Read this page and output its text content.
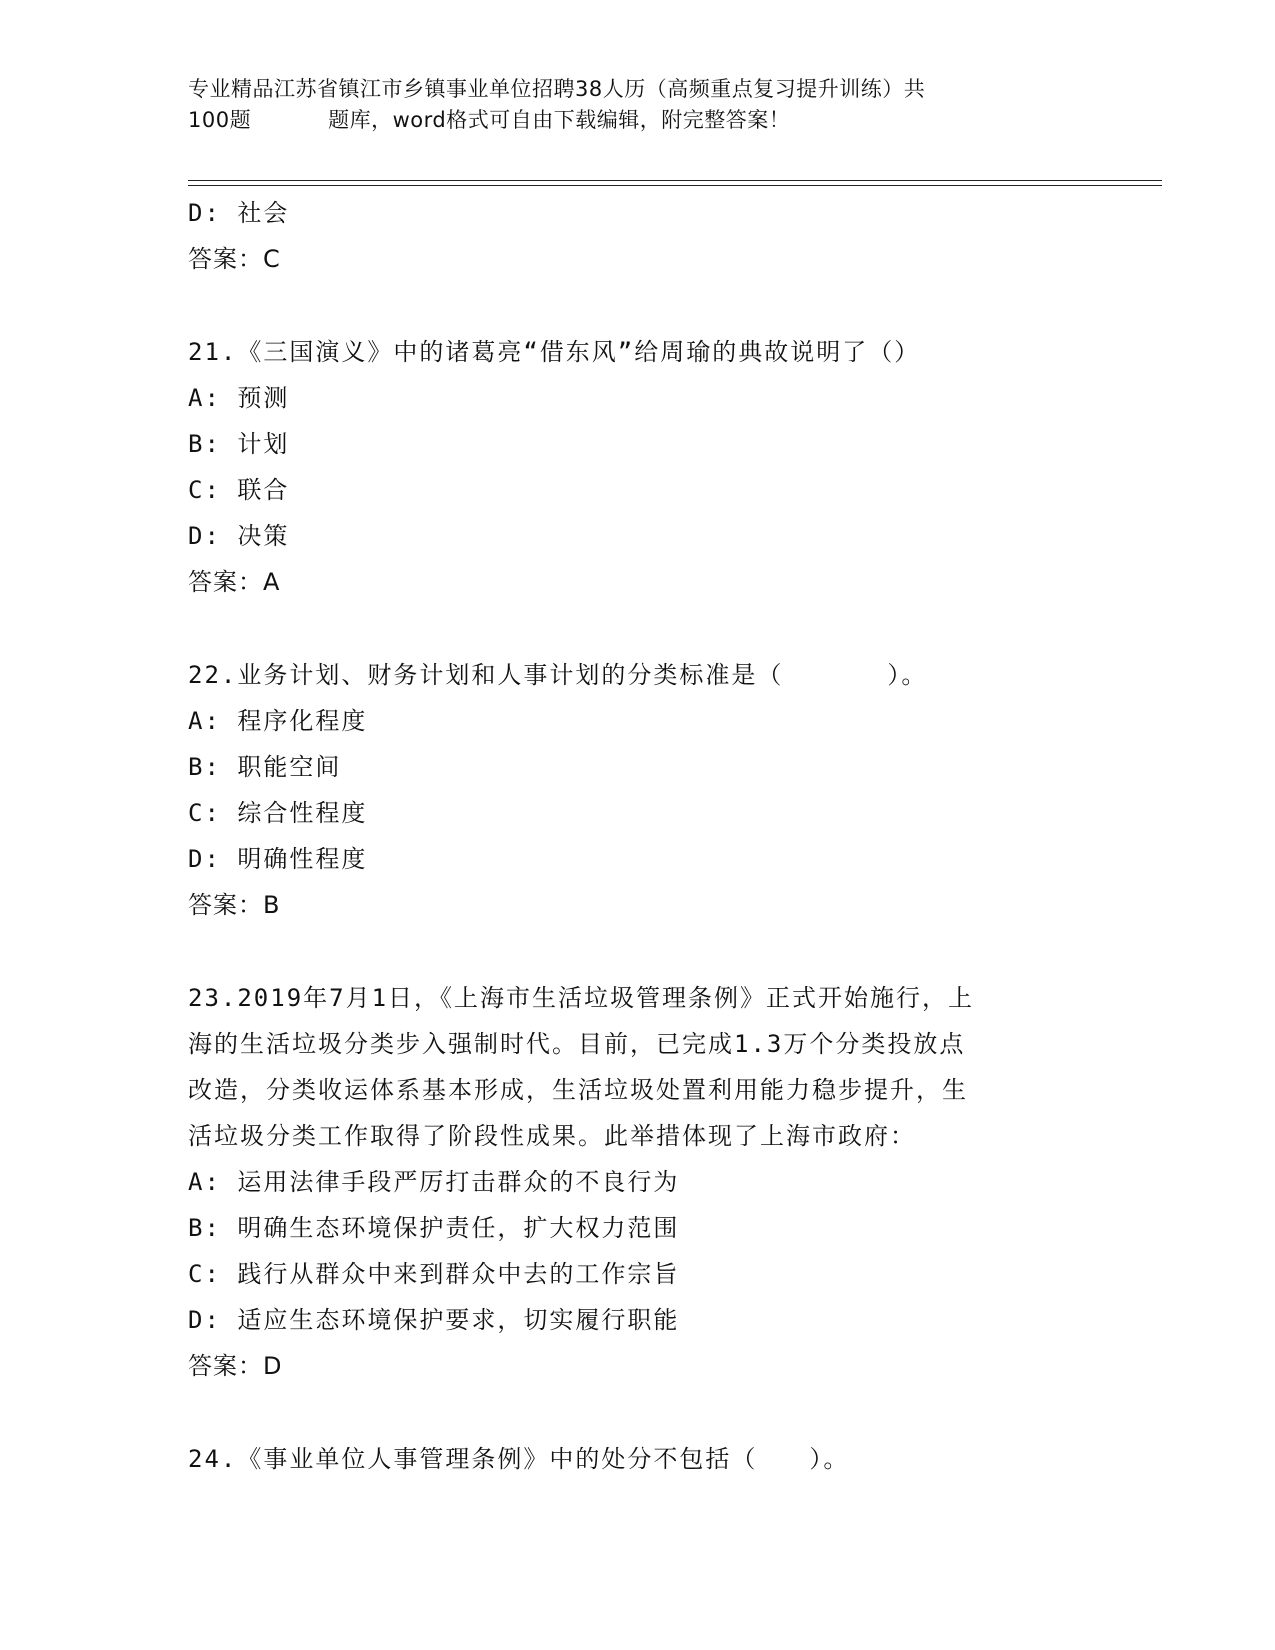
专业精品江苏省镇江市乡镇事业单位招聘38人历（高频重点复习提升训练）共
100题	题库，word格式可自由下载编辑，附完整答案！
D: 社会
答案：C
21.《三国演义》中的诸葛亮“借东风”给周瑜的典故说明了（）
A: 预测
B: 计划
C: 联合
D: 决策
答案：A
22.业务计划、财务计划和人事计划的分类标准是（　　　　）。
A: 程序化程度
B: 职能空间
C: 综合性程度
D: 明确性程度
答案：B
23.2019年7月1日，《上海市生活垃圾管理条例》正式开始施行，上
海的生活垃圾分类步入强制时代。目前，已完成1.3万个分类投放点
改造，分类收运体系基本形成，生活垃圾处置利用能力稳步提升，生
活垃圾分类工作取得了阶段性成果。此举措体现了上海市政府：
A: 运用法律手段严厉打击群众的不良行为
B: 明确生态环境保护责任，扩大权力范围
C: 践行从群众中来到群众中去的工作宗旨
D: 适应生态环境保护要求，切实履行职能
答案：D
24.《事业单位人事管理条例》中的处分不包括（　　）。
